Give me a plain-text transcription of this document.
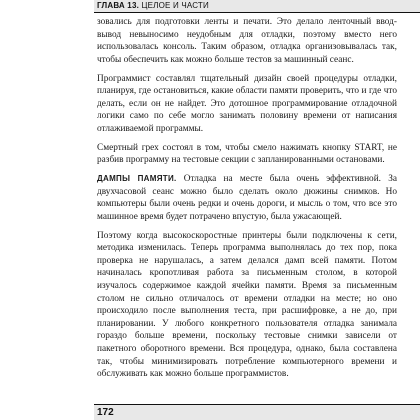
ГЛАВА 13. ЦЕЛОЕ И ЧАСТИ

зовались для подготовки ленты и печати. Это делало ленточный ввод-вывод невыносимо неудобным для отладки, поэтому вместо него использовалась консоль. Таким образом, отладка организовывалась так, чтобы обеспечить как можно больше тестов за машинный сеанс.

Программист составлял тщательный дизайн своей процедуры отладки, планируя, где остановиться, какие области памяти проверить, что и где что делать, если он не найдет. Это дотошное программирование отладочной логики само по себе могло занимать половину времени от написания отлаживаемой программы.

Смертный грех состоял в том, чтобы смело нажимать кнопку START, не разбив программу на тестовые секции с запланированными остановами.

ДАМПЫ ПАМЯТИ. Отладка на месте была очень эффективной. За двухчасовой сеанс можно было сделать около дюжины снимков. Но компьютеры были очень редки и очень дороги, и мысль о том, что все это машинное время будет потрачено впустую, была ужасающей.

Поэтому когда высокоскоростные принтеры были подключены к сети, методика изменилась. Теперь программа выполнялась до тех пор, пока проверка не нарушалась, а затем делался дамп всей памяти. Потом начиналась кропотливая работа за письменным столом, в которой изучалось содержимое каждой ячейки памяти. Время за письменным столом не сильно отличалось от времени отладки на месте; но оно происходило после выполнения теста, при расшифровке, а не до, при планировании. У любого конкретного пользователя отладка занимала гораздо больше времени, поскольку тестовые снимки зависели от пакетного оборотного времени. Вся процедура, однако, была составлена так, чтобы минимизировать потребление компьютерного времени и обслуживать как можно больше программистов.

172
